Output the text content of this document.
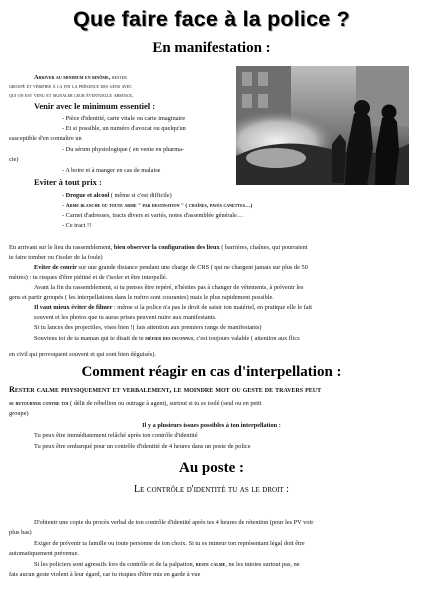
Que faire face à la police ?
En manifestation :
Arriver au minimum en binôme, rester
groupé et vérifier à la fin la présence des gens avec
qui on est venu et signaler leur éventuelle absence.
Venir avec le minimum essentiel :
- Pièce d'identité, carte vitale ou carte imaginaire
- Et si possible, un numéro d'avocat ou quelqu'un
susceptible d'en connaître un
- Du sérum physiologique ( en vente en pharma-
cie)
- A boire et à manger en cas de malaise
Eviter à tout prix :
- Drogue et alcool ( même si c'est difficile)
- Arme blanche ou toute arme " par destination " ( chaînes, pavés canettes…)
- Carnet d'adresses, tracts divers et variés, notes d'assemblée générale…
- Ce tract !!
En arrivant sur le lieu du rassemblement, bien observer la configuration des lieux ( barrières, chaînes, qui pourraient
te faire tomber ou t'isoler de la foule)
Eviter de courir sur une grande distance pendant une charge de CRS ( qui ne chargent jamais sur plus de 50
mètres) : tu risques d'être piétiné et de t'isoler et être interpellé.
Avant la fin du rassemblement, si tu penses être repéré, n'hésites pas à changer de vêtements, à prévenir les
gens et partir groupés ( les interpellations dans le métro sont courantes) mais le plus rapidement possible.
Il vaut mieux éviter de filmer : même si la police n'a pas le droit de saisir ton matériel, en pratique elle le fait
souvent et les photos que tu auras prises peuvent nuire aux manifestants.
Si tu lances des projectiles, vises bien !( fais attention aux premiers rangs de manifestants)
Souviens toi de ta maman qui te disait de te méfier des inconnus, c'est toujours valable ( attention aux flics
en civil qui provoquent souvent et qui sont bien déguisés).
Comment réagir en cas d'interpellation :
Rester calme physiquement et verbalement, le moindre mot ou geste de travers peut
se retourner contre toi ( délit de rébellion ou outrage à agent), surtout si tu es isolé (seul ou en petit
groupe)
Il y a plusieurs issues possibles à ton interpellation :
Tu peux être immédiatement relâché après ton contrôle d'identité
Tu peux être embarqué pour un contrôle d'identité de 4 heures dans un poste de police
Au poste :
Le contrôle d'identité tu as le droit :
D'obtenir une copie du procès verbal de ton contrôle d'identité après tes 4 heures de rétention (pour les PV voir
plus bas)
Exiger de prévenir ta famille ou toute personne de ton choix. Si tu es mineur ton représentant légal doit être
automatiquement prévenue.
Si les policiers sont agressifs lors du contrôle et de la palpation, reste calme, ne les tutoies surtout pas, ne
fais aucun geste violent à leur égard, car tu risques d'être mis en garde à vue
